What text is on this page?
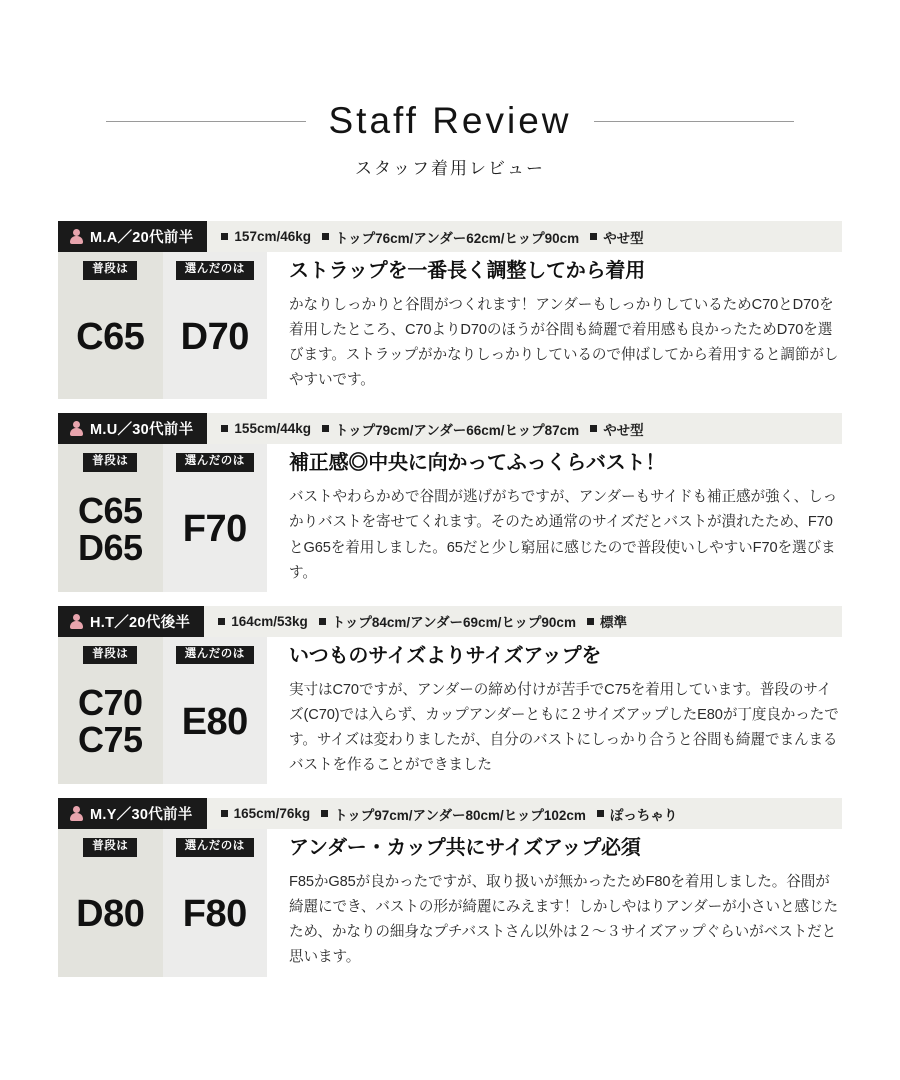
Staff Review
スタッフ着用レビュー
M.A／20代前半	157cm/46kg トップ76cm/アンダー62cm/ヒップ90cm やせ型
普段は
C65
選んだのは
D70
ストラップを一番長く調整してから着用
かなりしっかりと谷間がつくれます！アンダーもしっかりしているためC70とD70を着用したところ、C70よりD70のほうが谷間も綺麗で着用感も良かったためD70を選びます。ストラップがかなりしっかりしているので伸ばしてから着用すると調節がしやすいです。
M.U／30代前半	155cm/44kg トップ79cm/アンダー66cm/ヒップ87cm やせ型
普段は
C65
D65
選んだのは
F70
補正感◎中央に向かってふっくらバスト！
バストやわらかめで谷間が逃げがちですが、アンダーもサイドも補正感が強く、しっかりバストを寄せてくれます。そのため通常のサイズだとバストが潰れたため、F70とG65を着用しました。65だと少し窮屈に感じたので普段使いしやすいF70を選びます。
H.T／20代後半	164cm/53kg トップ84cm/アンダー69cm/ヒップ90cm 標準
普段は
C70
C75
選んだのは
E80
いつものサイズよりサイズアップを
実寸はC70ですが、アンダーの締め付けが苦手でC75を着用しています。普段のサイズ(C70)では入らず、カップアンダーともに２サイズアップしたE80が丁度良かったです。サイズは変わりましたが、自分のバストにしっかり合うと谷間も綺麗でまんまるバストを作ることができました
M.Y／30代前半	165cm/76kg トップ97cm/アンダー80cm/ヒップ102cm ぽっちゃり
普段は
D80
選んだのは
F80
アンダー・カップ共にサイズアップ必須
F85かG85が良かったですが、取り扱いが無かったためF80を着用しました。谷間が綺麗にでき、バストの形が綺麗にみえます！しかしやはりアンダーが小さいと感じたため、かなりの細身なプチバストさん以外は２〜３サイズアップぐらいがベストだと思います。
